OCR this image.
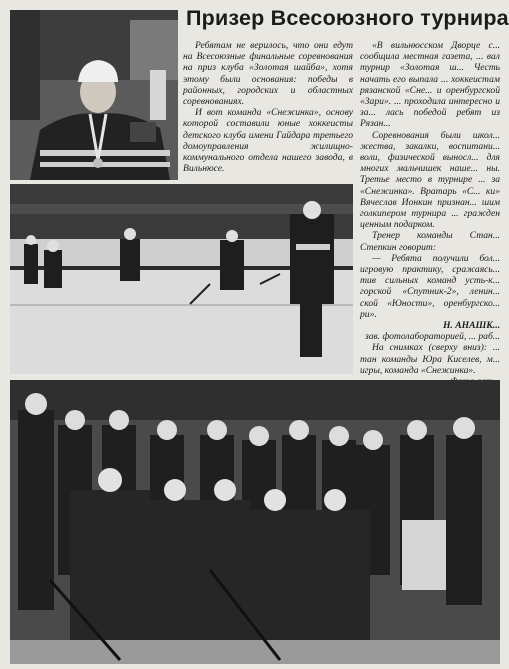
Призер Всесоюзного турнира

Ребятам не верилось, что они едут на Всесоюзные финальные соревнования на приз клуба «Золотая шайба», хотя этому были основания: победы в районных, городских и областных соревнованиях.

И вот команда «Снежинка», основу которой составили юные хоккеисты детского клуба имени Гайдара третьего домоуправления жилищно-коммунального отдела нашего завода, в Вильнюсе.

«В вильнюсском Дворце с... сообщила местная газета, ... вал турнир «Золотая ш... Честь начать его выпала ... хоккеистам рязанской «Сне... и оренбургской «Зари». ... проходила интересно и за... лась победой ребят из Рязан...

Соревнования были школ... жества, закалки, воспитани... воли, физической выносл... для многих мальчишек наше... ны. Третье место в турнире ... за «Снежинка». Вратарь «С... ки» Вячеслав Ионкин признан... шим голкипером турнира ... гражден ценным подарком.

Тренер команды Стан... Степкин говорит:

— Ребята получили бол... игровую практику, сражаясь... тив сильных команд усть-к... горской «Спутник-2», ленин... ской «Юности», оренбургско... ри».

Н. АНАШК...

зав. фотолабораторией, ... раб...

На снимках (сверху вниз): ... тан команды Юра Киселев, м... игры, команда «Снежинка».
